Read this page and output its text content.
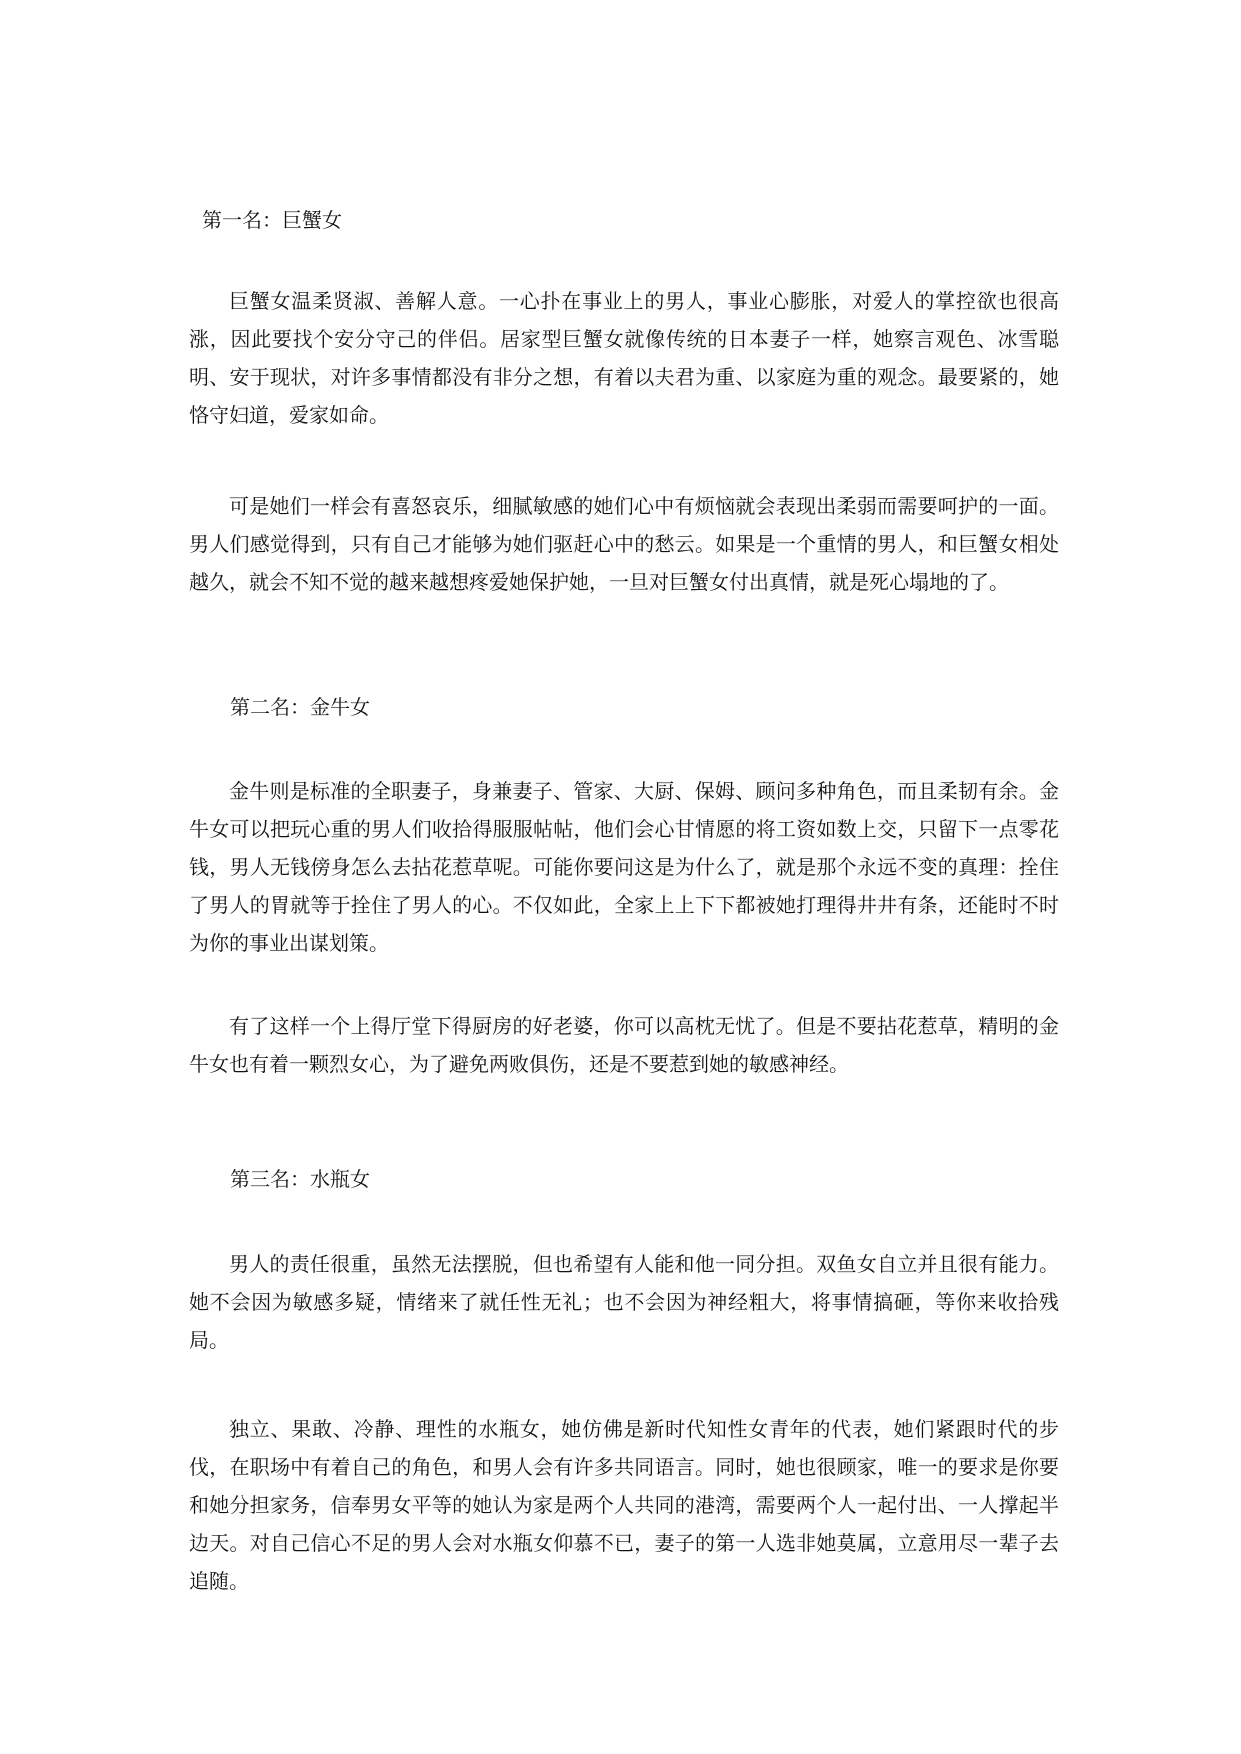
第一名：巨蟹女
巨蟹女温柔贤淑、善解人意。一心扑在事业上的男人，事业心膨胀，对爱人的掌控欲也很高涨，因此要找个安分守己的伴侣。居家型巨蟹女就像传统的日本妻子一样，她察言观色、冰雪聪明、安于现状，对许多事情都没有非分之想，有着以夫君为重、以家庭为重的观念。最要紧的，她恪守妇道，爱家如命。
可是她们一样会有喜怒哀乐，细腻敏感的她们心中有烦恼就会表现出柔弱而需要呵护的一面。男人们感觉得到，只有自己才能够为她们驱赶心中的愁云。如果是一个重情的男人，和巨蟹女相处越久，就会不知不觉的越来越想疼爱她保护她，一旦对巨蟹女付出真情，就是死心塌地的了。
第二名：金牛女
金牛则是标准的全职妻子，身兼妻子、管家、大厨、保姆、顾问多种角色，而且柔韧有余。金牛女可以把玩心重的男人们收拾得服服帖帖，他们会心甘情愿的将工资如数上交，只留下一点零花钱，男人无钱傍身怎么去拈花惹草呢。可能你要问这是为什么了，就是那个永远不变的真理：拴住了男人的胃就等于拴住了男人的心。不仅如此，全家上上下下都被她打理得井井有条，还能时不时为你的事业出谋划策。
有了这样一个上得厅堂下得厨房的好老婆，你可以高枕无忧了。但是不要拈花惹草，精明的金牛女也有着一颗烈女心，为了避免两败俱伤，还是不要惹到她的敏感神经。
第三名：水瓶女
男人的责任很重，虽然无法摆脱，但也希望有人能和他一同分担。双鱼女自立并且很有能力。她不会因为敏感多疑，情绪来了就任性无礼；也不会因为神经粗大，将事情搞砸，等你来收拾残局。
独立、果敢、冷静、理性的水瓶女，她仿佛是新时代知性女青年的代表，她们紧跟时代的步伐，在职场中有着自己的角色，和男人会有许多共同语言。同时，她也很顾家，唯一的要求是你要和她分担家务，信奉男女平等的她认为家是两个人共同的港湾，需要两个人一起付出、一人撑起半边天。对自己信心不足的男人会对水瓶女仰慕不已，妻子的第一人选非她莫属，立意用尽一辈子去追随。
